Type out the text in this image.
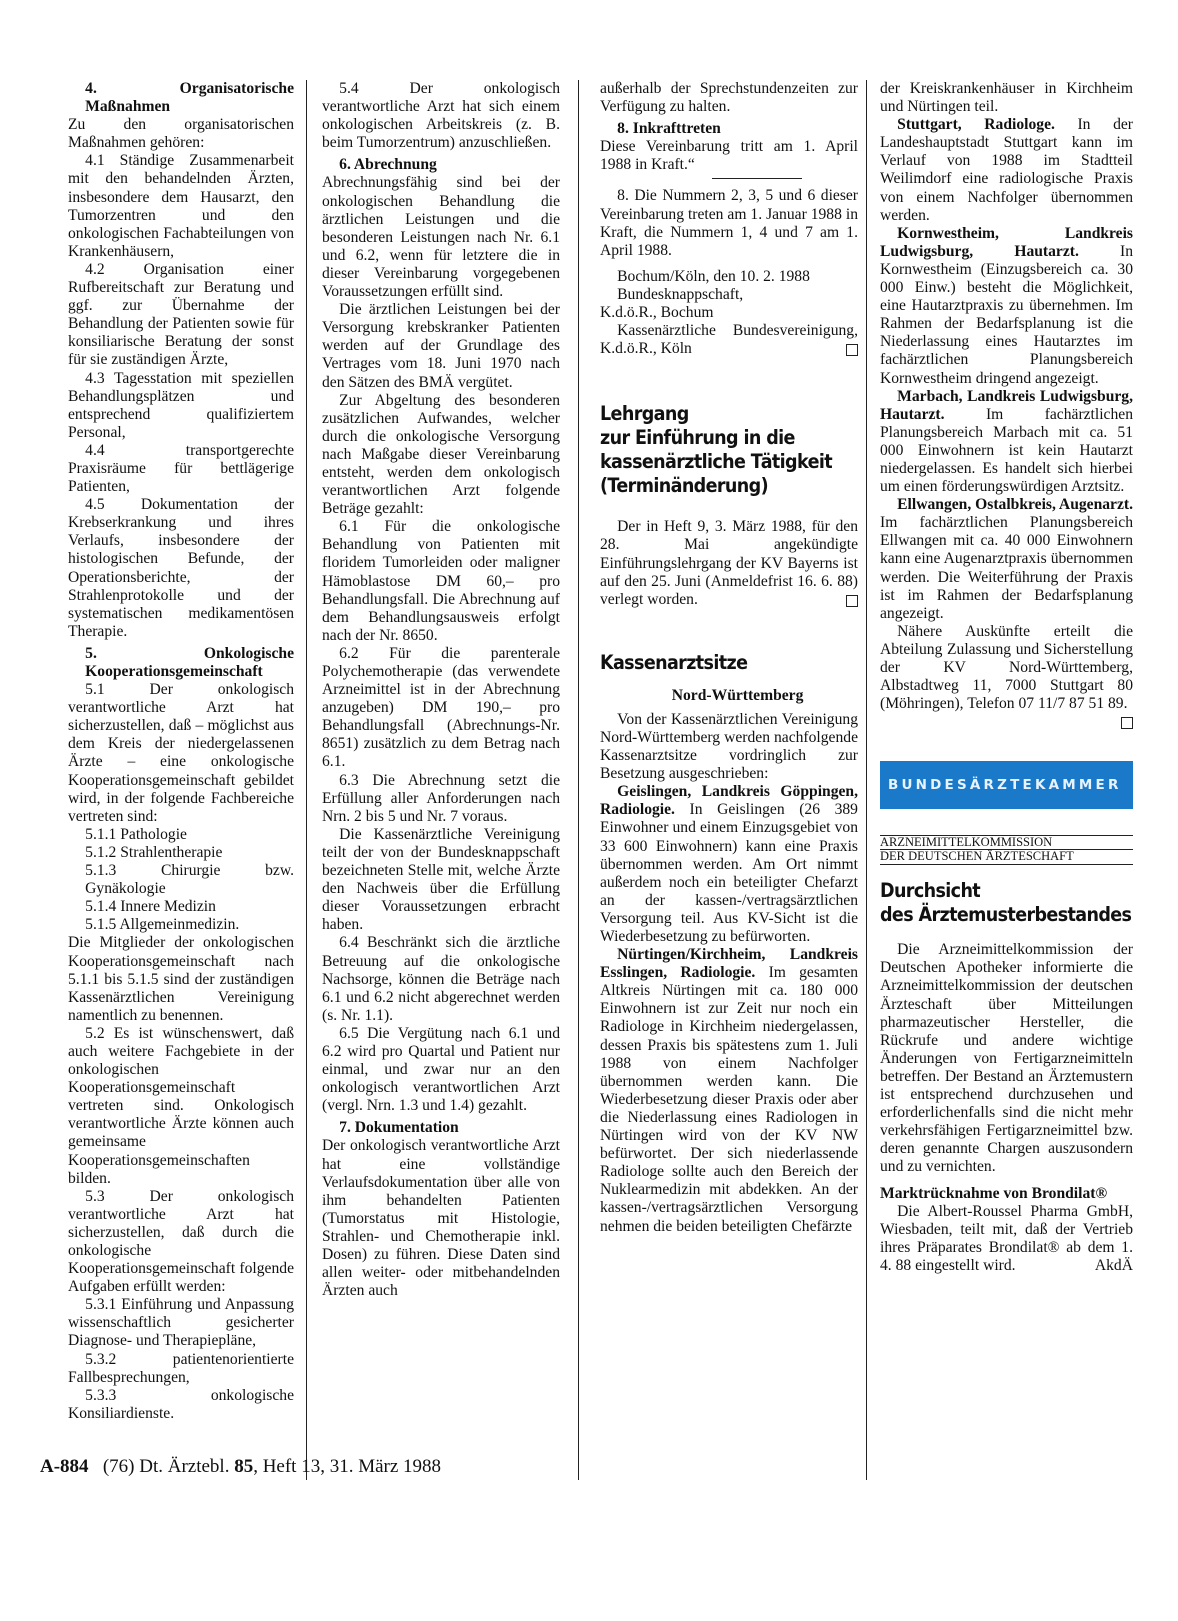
4. Organisatorische Maßnahmen

Zu den organisatorischen Maßnahmen gehören:

4.1 Ständige Zusammenarbeit mit den behandelnden Ärzten, insbesondere dem Hausarzt, den Tumorzentren und den onkologischen Fachabteilungen von Krankenhäusern,

4.2 Organisation einer Rufbereitschaft zur Beratung und ggf. zur Übernahme der Behandlung der Patienten sowie für konsiliarische Beratung der sonst für sie zuständigen Ärzte,

4.3 Tagesstation mit speziellen Behandlungsplätzen und entsprechend qualifiziertem Personal,

4.4 transportgerechte Praxisräume für bettlägerige Patienten,

4.5 Dokumentation der Krebserkrankung und ihres Verlaufs, insbesondere der histologischen Befunde, der Operationsberichte, der Strahlenprotokolle und der systematischen medikamentösen Therapie.

5. Onkologische Kooperationsgemeinschaft

5.1 Der onkologisch verantwortliche Arzt hat sicherzustellen, daß – möglichst aus dem Kreis der niedergelassenen Ärzte – eine onkologische Kooperationsgemeinschaft gebildet wird, in der folgende Fachbereiche vertreten sind:

5.1.1 Pathologie

5.1.2 Strahlentherapie

5.1.3 Chirurgie bzw. Gynäkologie

5.1.4 Innere Medizin

5.1.5 Allgemeinmedizin.

Die Mitglieder der onkologischen Kooperationsgemeinschaft nach 5.1.1 bis 5.1.5 sind der zuständigen Kassenärztlichen Vereinigung namentlich zu benennen.

5.2 Es ist wünschenswert, daß auch weitere Fachgebiete in der onkologischen Kooperationsgemeinschaft vertreten sind. Onkologisch verantwortliche Ärzte können auch gemeinsame Kooperationsgemeinschaften bilden.

5.3 Der onkologisch verantwortliche Arzt hat sicherzustellen, daß durch die onkologische Kooperationsgemeinschaft folgende Aufgaben erfüllt werden:

5.3.1 Einführung und Anpassung wissenschaftlich gesicherter Diagnose- und Therapiepläne,

5.3.2 patientenorientierte Fallbesprechungen,

5.3.3 onkologische Konsiliardienste.

5.4 Der onkologisch verantwortliche Arzt hat sich einem onkologischen Arbeitskreis (z. B. beim Tumorzentrum) anzuschließen.

6. Abrechnung

Abrechnungsfähig sind bei der onkologischen Behandlung die ärztlichen Leistungen und die besonderen Leistungen nach Nr. 6.1 und 6.2, wenn für letztere die in dieser Vereinbarung vorgegebenen Voraussetzungen erfüllt sind.

Die ärztlichen Leistungen bei der Versorgung krebskranker Patienten werden auf der Grundlage des Vertrages vom 18. Juni 1970 nach den Sätzen des BMÄ vergütet.

Zur Abgeltung des besonderen zusätzlichen Aufwandes, welcher durch die onkologische Versorgung nach Maßgabe dieser Vereinbarung entsteht, werden dem onkologisch verantwortlichen Arzt folgende Beträge gezahlt:

6.1 Für die onkologische Behandlung von Patienten mit floridem Tumorleiden oder maligner Hämoblastose DM 60,– pro Behandlungsfall. Die Abrechnung auf dem Behandlungsausweis erfolgt nach der Nr. 8650.

6.2 Für die parenterale Polychemotherapie (das verwendete Arzneimittel ist in der Abrechnung anzugeben) DM 190,– pro Behandlungsfall (Abrechnungs-Nr. 8651) zusätzlich zu dem Betrag nach 6.1.

6.3 Die Abrechnung setzt die Erfüllung aller Anforderungen nach Nrn. 2 bis 5 und Nr. 7 voraus.

Die Kassenärztliche Vereinigung teilt der von der Bundesknappschaft bezeichneten Stelle mit, welche Ärzte den Nachweis über die Erfüllung dieser Voraussetzungen erbracht haben.

6.4 Beschränkt sich die ärztliche Betreuung auf die onkologische Nachsorge, können die Beträge nach 6.1 und 6.2 nicht abgerechnet werden (s. Nr. 1.1).

6.5 Die Vergütung nach 6.1 und 6.2 wird pro Quartal und Patient nur einmal, und zwar nur an den onkologisch verantwortlichen Arzt (vergl. Nrn. 1.3 und 1.4) gezahlt.

7. Dokumentation

Der onkologisch verantwortliche Arzt hat eine vollständige Verlaufsdokumentation über alle von ihm behandelten Patienten (Tumorstatus mit Histologie, Strahlen- und Chemotherapie inkl. Dosen) zu führen. Diese Daten sind allen weiter- oder mitbehandelnden Ärzten auch

außerhalb der Sprechstundenzeiten zur Verfügung zu halten.

8. Inkrafttreten

Diese Vereinbarung tritt am 1. April 1988 in Kraft.“

8. Die Nummern 2, 3, 5 und 6 dieser Vereinbarung treten am 1. Januar 1988 in Kraft, die Nummern 1, 4 und 7 am 1. April 1988.

Bochum/Köln, den 10. 2. 1988

Bundesknappschaft,

K.d.ö.R., Bochum

Kassenärztliche Bundesvereinigung, K.d.ö.R., Köln

Lehrgang
zur Einführung in die
kassenärztliche Tätigkeit
(Terminänderung)

Der in Heft 9, 3. März 1988, für den 28. Mai angekündigte Einführungslehrgang der KV Bayerns ist auf den 25. Juni (Anmeldefrist 16. 6. 88) verlegt worden.

Kassenarztsitze

Nord-Württemberg

Von der Kassenärztlichen Vereinigung Nord-Württemberg werden nachfolgende Kassenarztsitze vordringlich zur Besetzung ausgeschrieben:

Geislingen, Landkreis Göppingen, Radiologie. In Geislingen (26 389 Einwohner und einem Einzugsgebiet von 33 600 Einwohnern) kann eine Praxis übernommen werden. Am Ort nimmt außerdem noch ein beteiligter Chefarzt an der kassen-/vertragsärztlichen Versorgung teil. Aus KV-Sicht ist die Wiederbesetzung zu befürworten.

Nürtingen/Kirchheim, Landkreis Esslingen, Radiologie. Im gesamten Altkreis Nürtingen mit ca. 180 000 Einwohnern ist zur Zeit nur noch ein Radiologe in Kirchheim niedergelassen, dessen Praxis bis spätestens zum 1. Juli 1988 von einem Nachfolger übernommen werden kann. Die Wiederbesetzung dieser Praxis oder aber die Niederlassung eines Radiologen in Nürtingen wird von der KV NW befürwortet. Der sich niederlassende Radiologe sollte auch den Bereich der Nuklearmedizin mit abdekken. An der kassen-/vertragsärztlichen Versorgung nehmen die beiden beteiligten Chefärzte

der Kreiskrankenhäuser in Kirchheim und Nürtingen teil.

Stuttgart, Radiologe. In der Landeshauptstadt Stuttgart kann im Verlauf von 1988 im Stadtteil Weilimdorf eine radiologische Praxis von einem Nachfolger übernommen werden.

Kornwestheim, Landkreis Ludwigsburg, Hautarzt.	In Kornwestheim (Einzugsbereich ca. 30 000 Einw.) besteht die Möglichkeit, eine Hautarztpraxis zu übernehmen. Im Rahmen der Bedarfsplanung ist die Niederlassung eines Hautarztes im fachärztlichen Planungsbereich Kornwestheim dringend angezeigt.

Marbach, Landkreis Ludwigsburg, Hautarzt.	Im fachärztlichen Planungsbereich Marbach mit ca. 51 000 Einwohnern ist kein Hautarzt niedergelassen. Es handelt sich hierbei um einen förderungswürdigen Arztsitz.

Ellwangen, Ostalbkreis, Augenarzt. Im fachärztlichen Planungsbereich Ellwangen mit ca. 40 000 Einwohnern kann eine Augenarztpraxis übernommen werden. Die Weiterführung der Praxis ist im Rahmen der Bedarfsplanung angezeigt.

Nähere Auskünfte erteilt die Abteilung Zulassung und Sicherstellung der KV Nord-Württemberg, Albstadtweg 11, 7000 Stuttgart 80 (Möhringen), Telefon 07 11/7 87 51 89.

BUNDESÄRZTEKAMMER
ARZNEIMITTELKOMMISSION
DER DEUTSCHEN ÄRZTESCHAFT
Durchsicht
des Ärztemusterbestandes

Die Arzneimittelkommission der Deutschen Apotheker informierte die Arzneimittelkommission der deutschen Ärzteschaft über Mitteilungen pharmazeutischer Hersteller, die Rückrufe und andere wichtige Änderungen von Fertigarzneimitteln betreffen. Der Bestand an Ärztemustern ist entsprechend durchzusehen und erforderlichenfalls sind die nicht mehr verkehrsfähigen Fertigarzneimittel bzw. deren genannte Chargen auszusondern und zu vernichten.

Marktrücknahme von Brondilat®

Die Albert-Roussel Pharma GmbH, Wiesbaden, teilt mit, daß der Vertrieb ihres Präparates Brondilat® ab dem 1. 4. 88 eingestellt wird.	AkdÄ

A-884 (76) Dt. Ärztebl. 85, Heft 13, 31. März 1988
